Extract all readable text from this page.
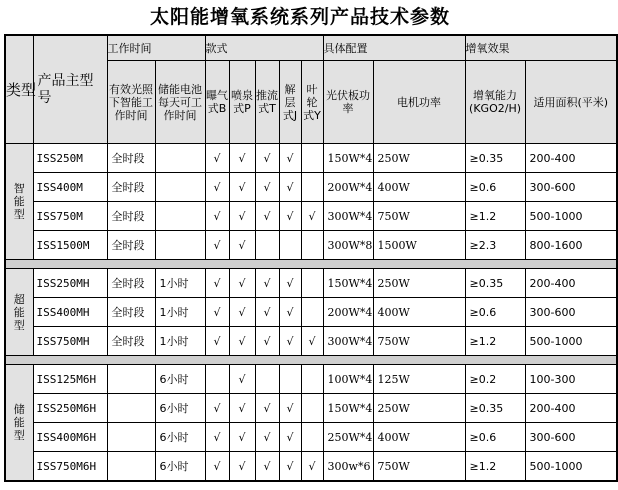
太阳能增氧系统系列产品技术参数
类型	产品主型号	工作时间		款式					具体配置		增氧效果	
		有效光照下智能工作时间	储能电池每天可工作时间	曝气式B	喷泉式P	推流式T	解层式J	叶轮式Y	光伏板功率	电机功率	增氧能力(KGO2/H)	适用面积(平米)
智能型	ISS250M	全时段		√	√	√	√		150W*4	250W	≥0.35	200-400
	ISS400M	全时段		√	√	√	√		200W*4	400W	≥0.6	300-600
	ISS750M	全时段		√	√	√	√	√	300W*4	750W	≥1.2	500-1000
	ISS1500M	全时段		√	√				300W*8	1500W	≥2.3	800-1600

超能型	ISS250MH	全时段	1小时	√	√	√	√		150W*4	250W	≥0.35	200-400
	ISS400MH	全时段	1小时	√	√	√	√		200W*4	400W	≥0.6	300-600
	ISS750MH	全时段	1小时	√	√	√	√	√	300W*4	750W	≥1.2	500-1000

储能型	ISS125M6H		6小时		√				100W*4	125W	≥0.2	100-300
	ISS250M6H		6小时	√	√	√	√		150W*4	250W	≥0.35	200-400
	ISS400M6H		6小时	√	√	√	√		250W*4	400W	≥0.6	300-600
	ISS750M6H		6小时	√	√	√	√	√	300w*6	750W	≥1.2	500-1000
